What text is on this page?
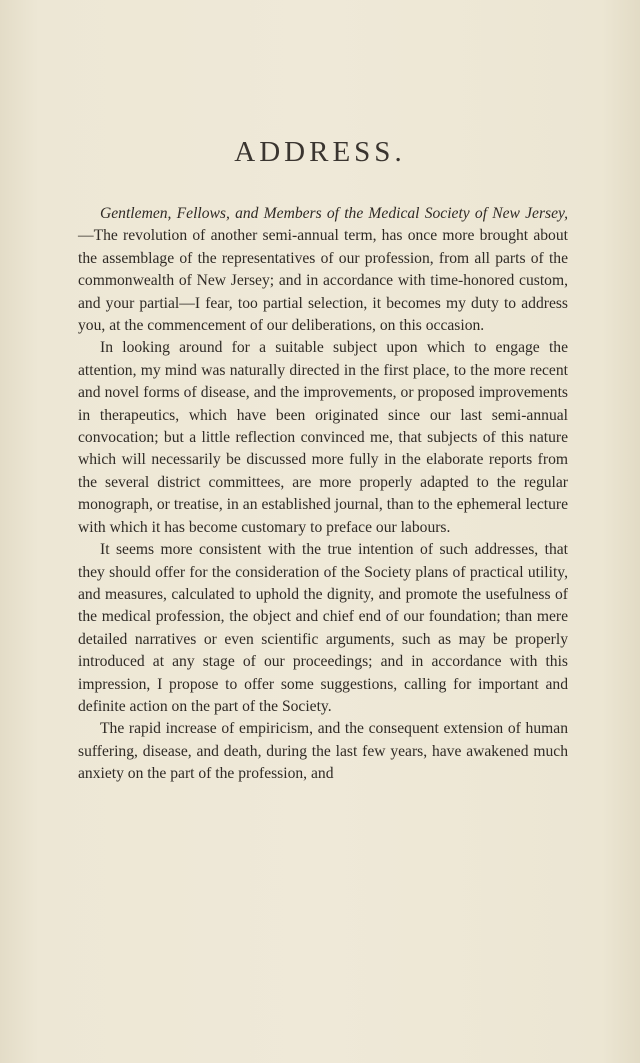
ADDRESS.

Gentlemen, Fellows, and Members of the Medical Society of New Jersey,—The revolution of another semi-annual term, has once more brought about the assemblage of the representatives of our profession, from all parts of the commonwealth of New Jersey; and in accordance with time-honored custom, and your partial—I fear, too partial selection, it becomes my duty to address you, at the commencement of our deliberations, on this occasion.

In looking around for a suitable subject upon which to engage the attention, my mind was naturally directed in the first place, to the more recent and novel forms of disease, and the improvements, or proposed improvements in therapeutics, which have been originated since our last semi-annual convocation; but a little reflection convinced me, that subjects of this nature which will necessarily be discussed more fully in the elaborate reports from the several district committees, are more properly adapted to the regular monograph, or treatise, in an established journal, than to the ephemeral lecture with which it has become customary to preface our labours.

It seems more consistent with the true intention of such addresses, that they should offer for the consideration of the Society plans of practical utility, and measures, calculated to uphold the dignity, and promote the usefulness of the medical profession, the object and chief end of our foundation; than mere detailed narratives or even scientific arguments, such as may be properly introduced at any stage of our proceedings; and in accordance with this impression, I propose to offer some suggestions, calling for important and definite action on the part of the Society.

The rapid increase of empiricism, and the consequent extension of human suffering, disease, and death, during the last few years, have awakened much anxiety on the part of the profession, and
